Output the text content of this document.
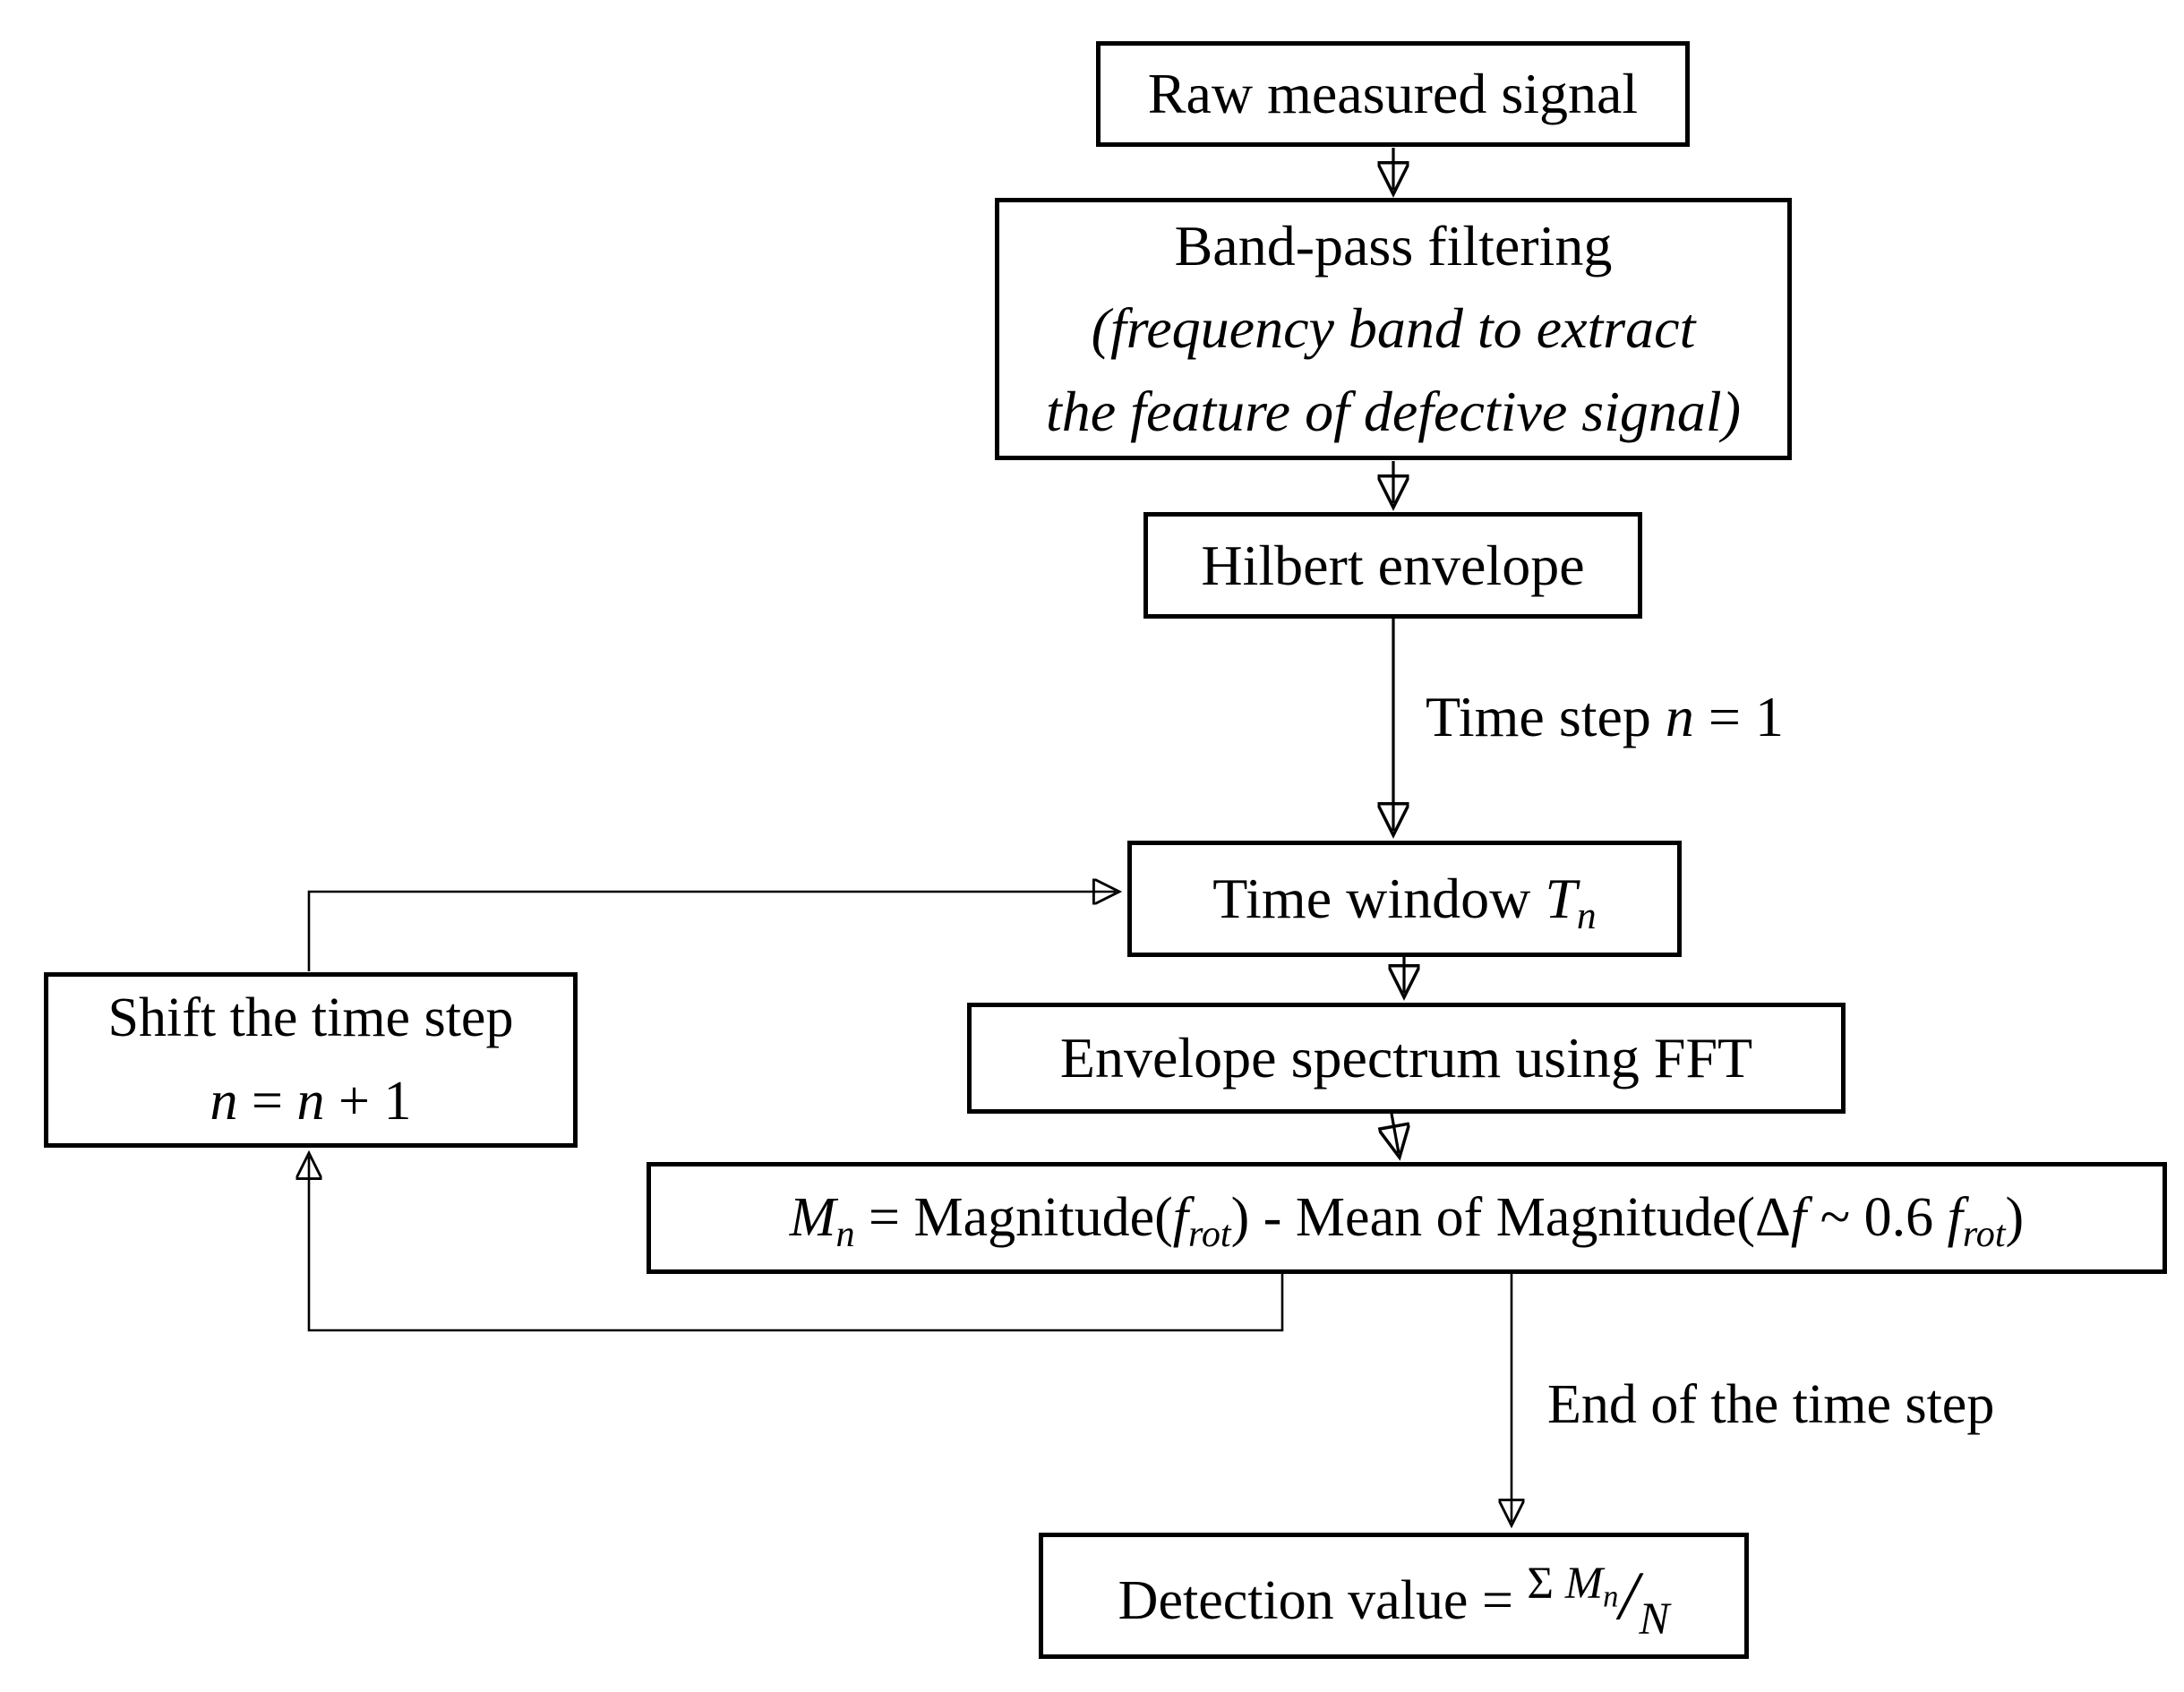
Raw measured signal
Band-pass filtering
(frequency band to extract
the feature of defective signal)
Hilbert envelope
Time window $T_n$
Envelope spectrum using FFT
$M_n$ = $Magnitude(f_{rot})$ - Mean of Magnitude(Δf ~ 0.6 $f_{rot}$)
Shift the time step
n = n + 1
Detection value = $^{\Sigma M_n}/_N$
Time step n = 1
End of the time step
